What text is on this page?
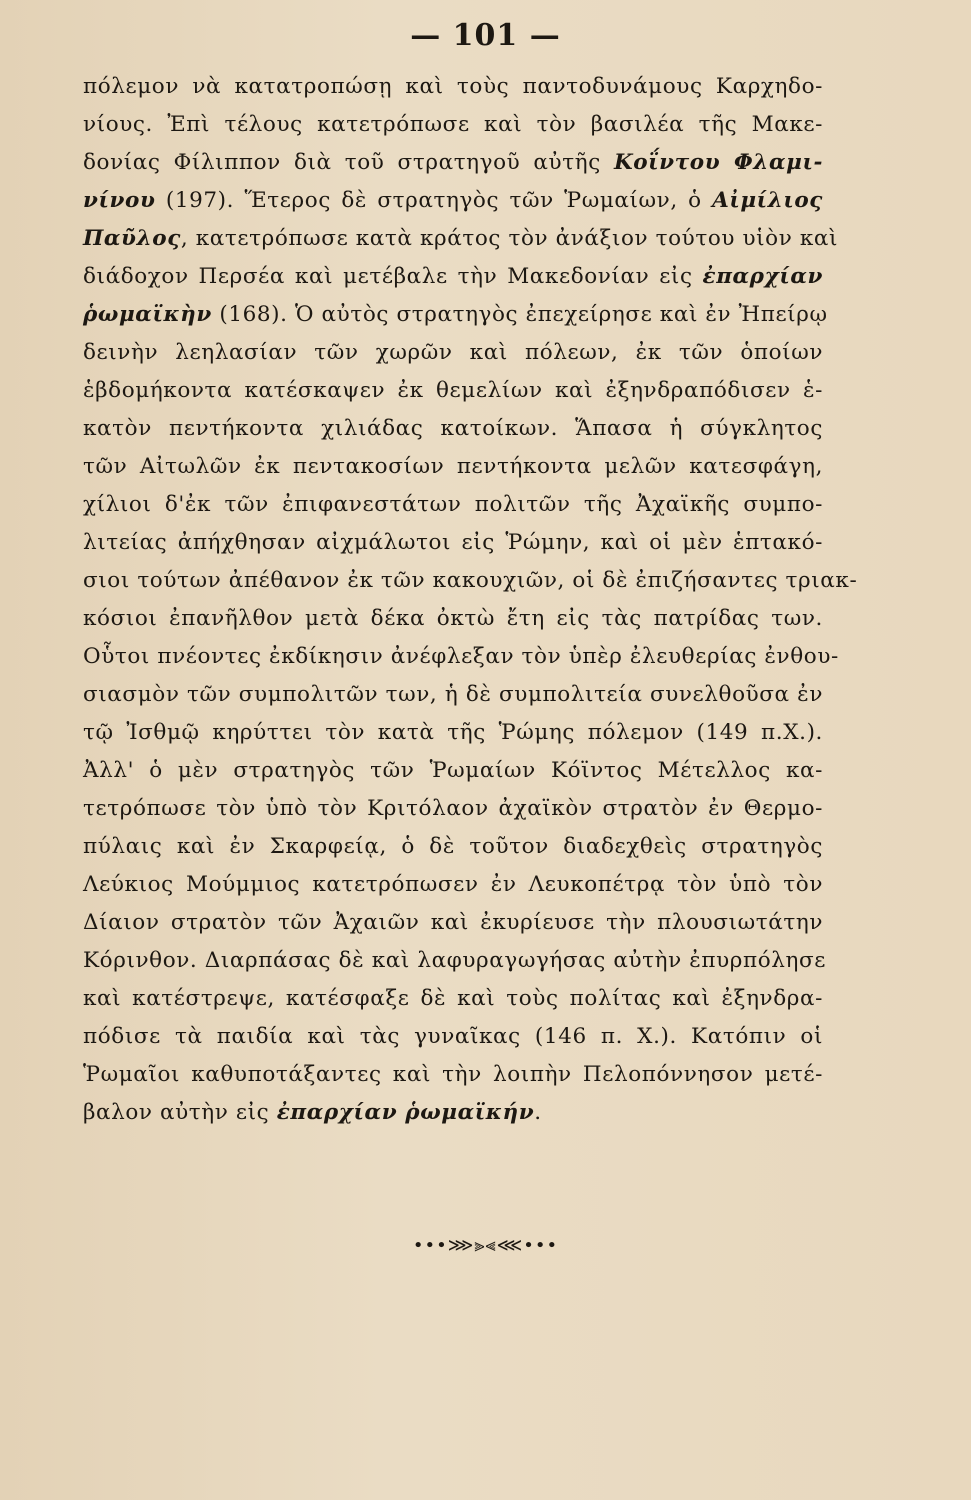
— 101 —
πόλεμον νὰ κατατροπώσῃ καὶ τοὺς παντοδυνάμους Καρχηδο-
νίους. Ἐπὶ τέλους κατετρόπωσε καὶ τὸν βασιλέα τῆς Μακε-
δονίας Φίλιππον διὰ τοῦ στρατηγοῦ αὐτῆς Κοΐντου Φλαμι-
νίνου (197). Ἕτερος δὲ στρατηγὸς τῶν Ῥωμαίων, ὁ Αἰμίλιος
Παῦλος, κατετρόπωσε κατὰ κράτος τὸν ἀνάξιον τούτου υἱὸν καὶ
διάδοχον Περσέα καὶ μετέβαλε τὴν Μακεδονίαν εἰς ἐπαρχίαν
ῥωμαϊκὴν (168). Ὁ αὐτὸς στρατηγὸς ἐπεχείρησε καὶ ἐν Ἠπείρῳ
δεινὴν λεηλασίαν τῶν χωρῶν καὶ πόλεων, ἐκ τῶν ὁποίων
ἑβδομήκοντα κατέσκαψεν ἐκ θεμελίων καὶ ἐξηνδραπόδισεν ἑ-
κατὸν πεντήκοντα χιλιάδας κατοίκων. Ἅπασα ἡ σύγκλητος
τῶν Αἰτωλῶν ἐκ πεντακοσίων πεντήκοντα μελῶν κατεσφάγη,
χίλιοι δ'ἐκ τῶν ἐπιφανεστάτων πολιτῶν τῆς Ἀχαϊκῆς συμπο-
λιτείας ἀπήχθησαν αἰχμάλωτοι εἰς Ῥώμην, καὶ οἱ μὲν ἑπτακό-
σιοι τούτων ἀπέθανον ἐκ τῶν κακουχιῶν, οἱ δὲ ἐπιζήσαντες τριακ-
κόσιοι ἐπανῆλθον μετὰ δέκα ὀκτὼ ἔτη εἰς τὰς πατρίδας των.
Οὗτοι πνέοντες ἐκδίκησιν ἀνέφλεξαν τὸν ὑπὲρ ἐλευθερίας ἐνθου-
σιασμὸν τῶν συμπολιτῶν των, ἡ δὲ συμπολιτεία συνελθοῦσα ἐν
τῷ Ἰσθμῷ κηρύττει τὸν κατὰ τῆς Ῥώμης πόλεμον (149 π.Χ.).
Ἀλλ' ὁ μὲν στρατηγὸς τῶν Ῥωμαίων Κόϊντος Μέτελλος κα-
τετρόπωσε τὸν ὑπὸ τὸν Κριτόλαον ἀχαϊκὸν στρατὸν ἐν Θερμο-
πύλαις καὶ ἐν Σκαρφείᾳ, ὁ δὲ τοῦτον διαδεχθεὶς στρατηγὸς
Λεύκιος Μούμμιος κατετρόπωσεν ἐν Λευκοπέτρᾳ τὸν ὑπὸ τὸν
Δίαιον στρατὸν τῶν Ἀχαιῶν καὶ ἐκυρίευσε τὴν πλουσιωτάτην
Κόρινθον. Διαρπάσας δὲ καὶ λαφυραγωγήσας αὐτὴν ἐπυρπόλησε
καὶ κατέστρεψε, κατέσφαξε δὲ καὶ τοὺς πολίτας καὶ ἐξηνδρα-
πόδισε τὰ παιδία καὶ τὰς γυναῖκας (146 π. Χ.). Κατόπιν οἱ
Ῥωμαῖοι καθυποτάξαντες καὶ τὴν λοιπὴν Πελοπόννησον μετέ-
βαλον αὐτὴν εἰς ἐπαρχίαν ῥωμαϊκήν.
•••⋙⫸⫷⋘•••
